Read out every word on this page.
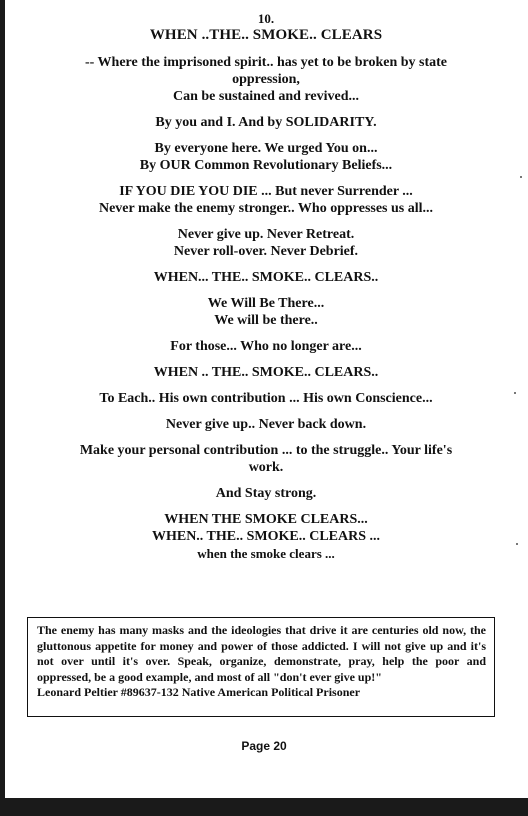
10.
WHEN ..THE.. SMOKE.. CLEARS
-- Where the imprisoned spirit.. has yet to be broken by state
oppression,
Can be sustained and revived...
By you and I. And by SOLIDARITY.
By everyone here. We urged You on...
By OUR Common Revolutionary Beliefs...
IF YOU DIE YOU DIE ... But never Surrender ...
Never make the enemy stronger.. Who oppresses us all...
Never give up. Never Retreat.
Never roll-over. Never Debrief.
WHEN... THE.. SMOKE.. CLEARS..
We Will Be There...
We will be there..
For those... Who no longer are...
WHEN .. THE.. SMOKE.. CLEARS..
To Each.. His own contribution ... His own Conscience...
Never give up.. Never back down.
Make your personal contribution ... to the struggle.. Your life's
work.
And Stay strong.
WHEN THE SMOKE CLEARS...
WHEN.. THE.. SMOKE.. CLEARS ...
when the smoke clears ...
The enemy has many masks and the ideologies that drive it are centuries old now, the gluttonous appetite for money and power of those addicted. I will not give up and it's not over until it's over. Speak, organize, demonstrate, pray, help the poor and oppressed, be a good example, and most of all "don't ever give up!"
Leonard Peltier #89637-132 Native American Political Prisoner
Page 20
